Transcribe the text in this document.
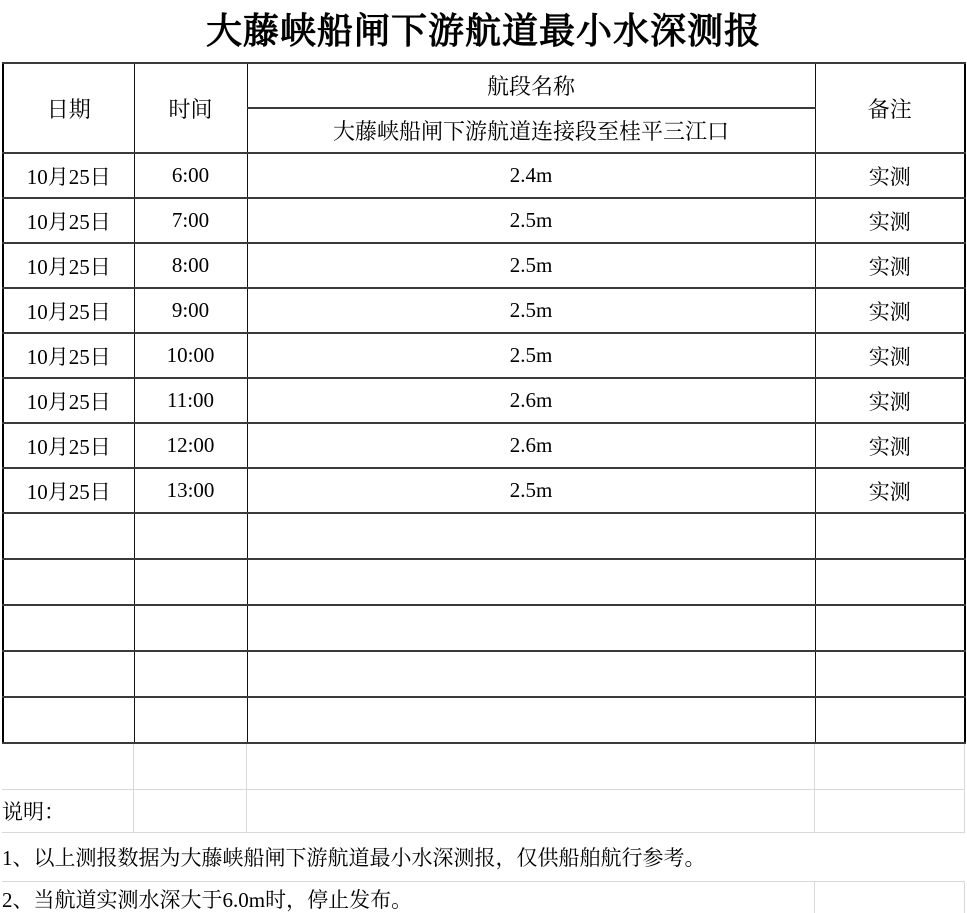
大藤峡船闸下游航道最小水深测报
日期	时间	航段名称	备注
		大藤峡船闸下游航道连接段至桂平三江口	
10月25日	6:00	2.4m	实测
10月25日	7:00	2.5m	实测
10月25日	8:00	2.5m	实测
10月25日	9:00	2.5m	实测
10月25日	10:00	2.5m	实测
10月25日	11:00	2.6m	实测
10月25日	12:00	2.6m	实测
10月25日	13:00	2.5m	实测

说明：			
1、以上测报数据为大藤峡船闸下游航道最小水深测报，仅供船舶航行参考。			
2、当航道实测水深大于6.0m时，停止发布。			
